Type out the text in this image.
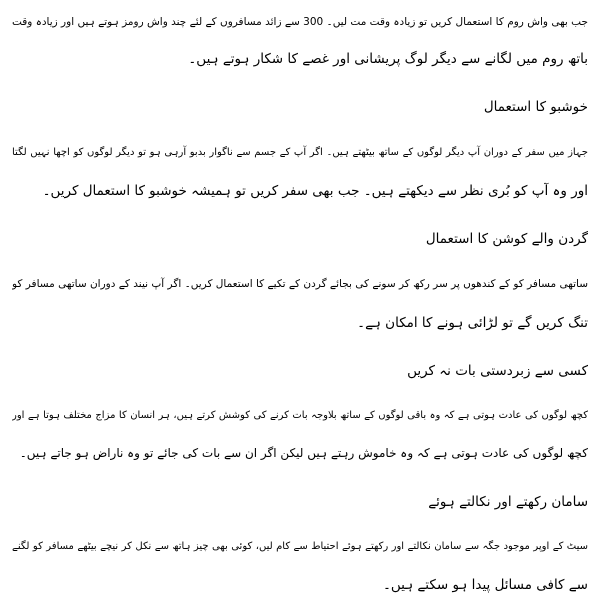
جب بھی واش روم کا استعمال کریں تو زیادہ وقت مت لیں۔ 300 سے زائد مسافروں کے لئے چند واش رومز ہوتے ہیں اور زیادہ وقت
باتھ روم میں لگانے سے دیگر لوگ پریشانی اور غصے کا شکار ہوتے ہیں۔
خوشبو کا استعمال
جہاز میں سفر کے دوران آپ دیگر لوگوں کے ساتھ بیٹھتے ہیں۔ اگر آپ کے جسم سے ناگوار بدبو آرہی ہو تو دیگر لوگوں کو اچھا نہیں لگتا
اور وہ آپ کو بُری نظر سے دیکھتے ہیں۔ جب بھی سفر کریں تو ہمیشہ خوشبو کا استعمال کریں۔
گردن والے کوشن کا استعمال
ساتھی مسافر کو کے کندھوں پر سر رکھ کر سونے کی بجائے گردن کے تکیے کا استعمال کریں۔ اگر آپ نیند کے دوران ساتھی مسافر کو
تنگ کریں گے تو لڑائی ہونے کا امکان ہے۔
کسی سے زبردستی بات نہ کریں
کچھ لوگوں کی عادت ہوتی ہے کہ وہ باقی لوگوں کے ساتھ بلاوجہ بات کرنے کی کوشش کرتے ہیں، ہر انسان کا مزاج مختلف ہوتا ہے اور
کچھ لوگوں کی عادت ہوتی ہے کہ وہ خاموش رہتے ہیں لیکن اگر ان سے بات کی جائے تو وہ ناراض ہو جاتے ہیں۔
سامان رکھتے اور نکالتے ہوئے
سیٹ کے اوپر موجود جگہ سے سامان نکالتے اور رکھتے ہوئے احتیاط سے کام لیں، کوئی بھی چیز ہاتھ سے نکل کر نیچے بیٹھے مسافر کو لگنے
سے کافی مسائل پیدا ہو سکتے ہیں۔
